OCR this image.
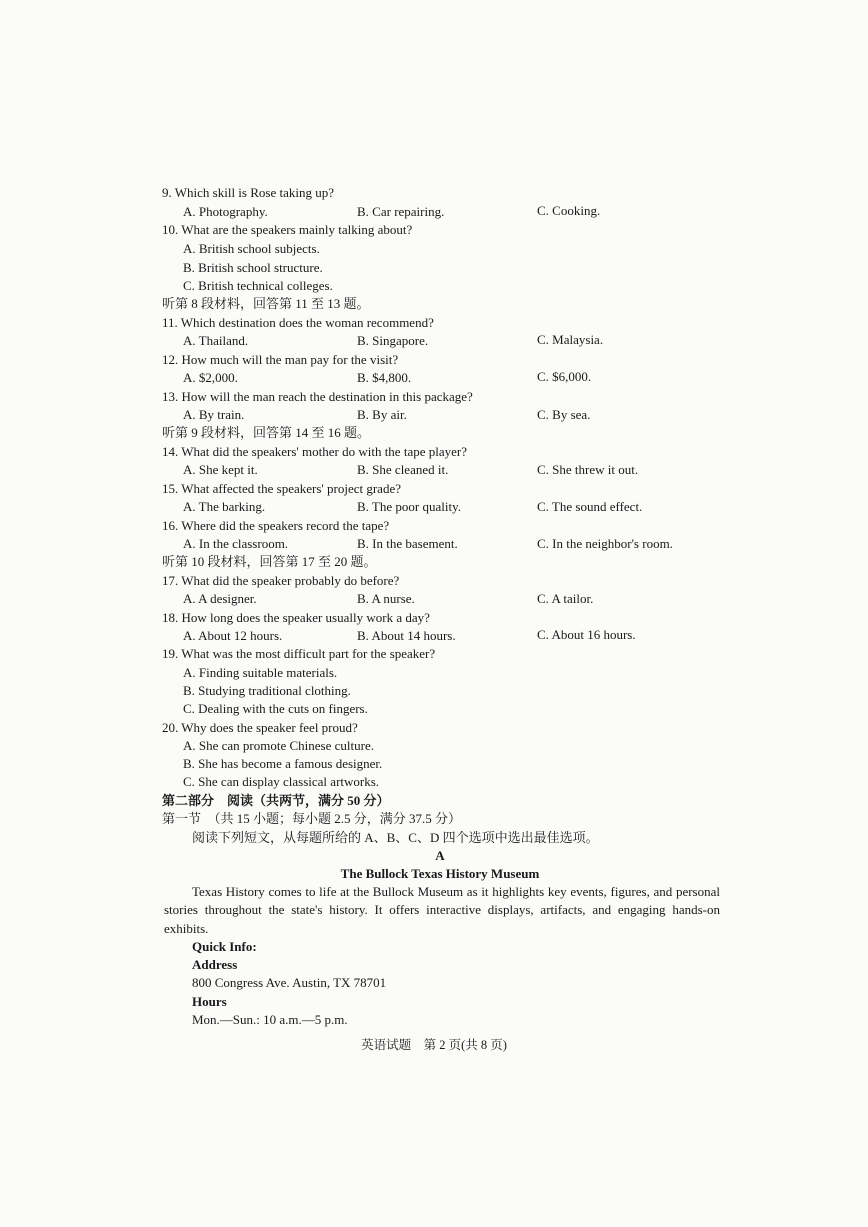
9. Which skill is Rose taking up?
A. Photography.	B. Car repairing.	C. Cooking.
10. What are the speakers mainly talking about?
A. British school subjects.
B. British school structure.
C. British technical colleges.
听第 8 段材料，回答第 11 至 13 题。
11. Which destination does the woman recommend?
A. Thailand.	B. Singapore.	C. Malaysia.
12. How much will the man pay for the visit?
A. $2,000.	B. $4,800.	C. $6,000.
13. How will the man reach the destination in this package?
A. By train.	B. By air.	C. By sea.
听第 9 段材料，回答第 14 至 16 题。
14. What did the speakers' mother do with the tape player?
A. She kept it.	B. She cleaned it.	C. She threw it out.
15. What affected the speakers' project grade?
A. The barking.	B. The poor quality.	C. The sound effect.
16. Where did the speakers record the tape?
A. In the classroom.	B. In the basement.	C. In the neighbor's room.
听第 10 段材料，回答第 17 至 20 题。
17. What did the speaker probably do before?
A. A designer.	B. A nurse.	C. A tailor.
18. How long does the speaker usually work a day?
A. About 12 hours.	B. About 14 hours.	C. About 16 hours.
19. What was the most difficult part for the speaker?
A. Finding suitable materials.
B. Studying traditional clothing.
C. Dealing with the cuts on fingers.
20. Why does the speaker feel proud?
A. She can promote Chinese culture.
B. She has become a famous designer.
C. She can display classical artworks.
第二部分　阅读（共两节，满分 50 分）
第一节　（共 15 小题；每小题 2.5 分，满分 37.5 分）
阅读下列短文，从每题所给的 A、B、C、D 四个选项中选出最佳选项。
A
The Bullock Texas History Museum
Texas History comes to life at the Bullock Museum as it highlights key events, figures, and personal stories throughout the state's history. It offers interactive displays, artifacts, and engaging hands-on exhibits.
Quick Info:
Address
800 Congress Ave. Austin, TX 78701
Hours
Mon.—Sun.: 10 a.m.—5 p.m.
英语试题　第 2 页(共 8 页)
